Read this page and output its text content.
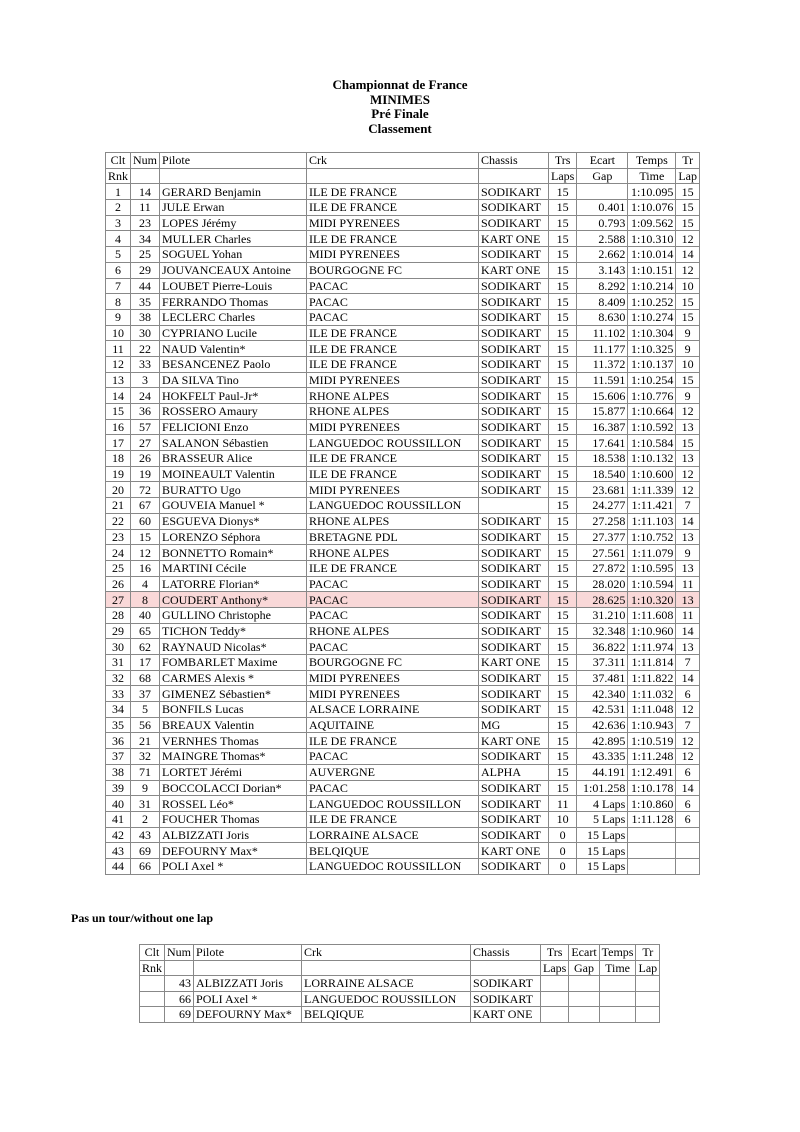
Championnat de France
MINIMES
Pré Finale
Classement
Clt	Num	Pilote	Crk	Chassis	Trs	Ecart	Temps	Tr
Rnk					Laps	Gap	Time	Lap
1	14	GERARD Benjamin	ILE DE FRANCE	SODIKART	15		1:10.095	15
2	11	JULE Erwan	ILE DE FRANCE	SODIKART	15	0.401	1:10.076	15
3	23	LOPES Jérémy	MIDI PYRENEES	SODIKART	15	0.793	1:09.562	15
4	34	MULLER Charles	ILE DE FRANCE	KART ONE	15	2.588	1:10.310	12
5	25	SOGUEL Yohan	MIDI PYRENEES	SODIKART	15	2.662	1:10.014	14
6	29	JOUVANCEAUX Antoine	BOURGOGNE FC	KART ONE	15	3.143	1:10.151	12
7	44	LOUBET Pierre-Louis	PACAC	SODIKART	15	8.292	1:10.214	10
8	35	FERRANDO Thomas	PACAC	SODIKART	15	8.409	1:10.252	15
9	38	LECLERC Charles	PACAC	SODIKART	15	8.630	1:10.274	15
10	30	CYPRIANO Lucile	ILE DE FRANCE	SODIKART	15	11.102	1:10.304	9
11	22	NAUD Valentin*	ILE DE FRANCE	SODIKART	15	11.177	1:10.325	9
12	33	BESANCENEZ Paolo	ILE DE FRANCE	SODIKART	15	11.372	1:10.137	10
13	3	DA SILVA Tino	MIDI PYRENEES	SODIKART	15	11.591	1:10.254	15
14	24	HOKFELT Paul-Jr*	RHONE ALPES	SODIKART	15	15.606	1:10.776	9
15	36	ROSSERO Amaury	RHONE ALPES	SODIKART	15	15.877	1:10.664	12
16	57	FELICIONI Enzo	MIDI PYRENEES	SODIKART	15	16.387	1:10.592	13
17	27	SALANON Sébastien	LANGUEDOC ROUSSILLON	SODIKART	15	17.641	1:10.584	15
18	26	BRASSEUR Alice	ILE DE FRANCE	SODIKART	15	18.538	1:10.132	13
19	19	MOINEAULT Valentin	ILE DE FRANCE	SODIKART	15	18.540	1:10.600	12
20	72	BURATTO Ugo	MIDI PYRENEES	SODIKART	15	23.681	1:11.339	12
21	67	GOUVEIA Manuel *	LANGUEDOC ROUSSILLON		15	24.277	1:11.421	7
22	60	ESGUEVA Dionys*	RHONE ALPES	SODIKART	15	27.258	1:11.103	14
23	15	LORENZO Séphora	BRETAGNE PDL	SODIKART	15	27.377	1:10.752	13
24	12	BONNETTO Romain*	RHONE ALPES	SODIKART	15	27.561	1:11.079	9
25	16	MARTINI Cécile	ILE DE FRANCE	SODIKART	15	27.872	1:10.595	13
26	4	LATORRE Florian*	PACAC	SODIKART	15	28.020	1:10.594	11
27	8	COUDERT Anthony*	PACAC	SODIKART	15	28.625	1:10.320	13
28	40	GULLINO Christophe	PACAC	SODIKART	15	31.210	1:11.608	11
29	65	TICHON Teddy*	RHONE ALPES	SODIKART	15	32.348	1:10.960	14
30	62	RAYNAUD Nicolas*	PACAC	SODIKART	15	36.822	1:11.974	13
31	17	FOMBARLET Maxime	BOURGOGNE FC	KART ONE	15	37.311	1:11.814	7
32	68	CARMES Alexis *	MIDI PYRENEES	SODIKART	15	37.481	1:11.822	14
33	37	GIMENEZ Sébastien*	MIDI PYRENEES	SODIKART	15	42.340	1:11.032	6
34	5	BONFILS Lucas	ALSACE LORRAINE	SODIKART	15	42.531	1:11.048	12
35	56	BREAUX Valentin	AQUITAINE	MG	15	42.636	1:10.943	7
36	21	VERNHES Thomas	ILE DE FRANCE	KART ONE	15	42.895	1:10.519	12
37	32	MAINGRE Thomas*	PACAC	SODIKART	15	43.335	1:11.248	12
38	71	LORTET Jérémi	AUVERGNE	ALPHA	15	44.191	1:12.491	6
39	9	BOCCOLACCI Dorian*	PACAC	SODIKART	15	1:01.258	1:10.178	14
40	31	ROSSEL Léo*	LANGUEDOC ROUSSILLON	SODIKART	11	4 Laps	1:10.860	6
41	2	FOUCHER Thomas	ILE DE FRANCE	SODIKART	10	5 Laps	1:11.128	6
42	43	ALBIZZATI Joris	LORRAINE ALSACE	SODIKART	0	15 Laps		
43	69	DEFOURNY Max*	BELQIQUE	KART ONE	0	15 Laps		
44	66	POLI Axel *	LANGUEDOC ROUSSILLON	SODIKART	0	15 Laps		
Pas un tour/without one lap
Clt	Num	Pilote	Crk	Chassis	Trs	Ecart	Temps	Tr
Rnk					Laps	Gap	Time	Lap
	43	ALBIZZATI Joris	LORRAINE ALSACE	SODIKART				
	66	POLI Axel *	LANGUEDOC ROUSSILLON	SODIKART				
	69	DEFOURNY Max*	BELQIQUE	KART ONE				
